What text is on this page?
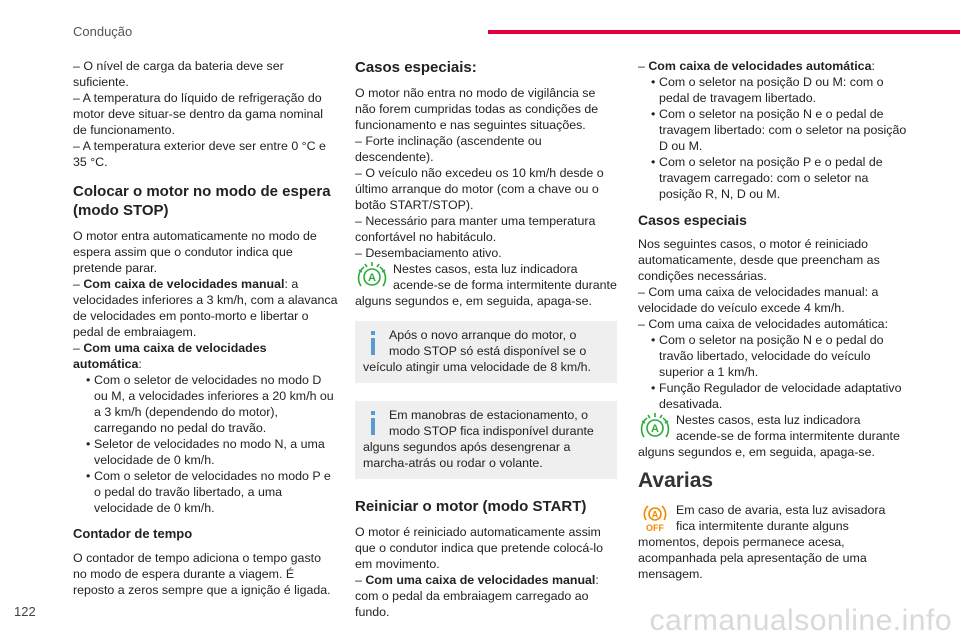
Condução

– O nível de carga da bateria deve ser suficiente.

– A temperatura do líquido de refrigeração do motor deve situar-se dentro da gama nominal de funcionamento.

– A temperatura exterior deve ser entre 0 °C e 35 °C.

Colocar o motor no modo de espera (modo STOP)

O motor entra automaticamente no modo de espera assim que o condutor indica que pretende parar.

– Com caixa de velocidades manual: a velocidades inferiores a 3 km/h, com a alavanca de velocidades em ponto-morto e libertar o pedal de embraiagem.

– Com uma caixa de velocidades automática:

• Com o seletor de velocidades no modo D ou M, a velocidades inferiores a 20 km/h ou a 3 km/h (dependendo do motor), carregando no pedal do travão.

• Seletor de velocidades no modo N, a uma velocidade de 0 km/h.

• Com o seletor de velocidades no modo P e o pedal do travão libertado, a uma velocidade de 0 km/h.

Contador de tempo

O contador de tempo adiciona o tempo gasto no modo de espera durante a viagem. É reposto a zeros sempre que a ignição é ligada.

Casos especiais:

O motor não entra no modo de vigilância se não forem cumpridas todas as condições de funcionamento e nas seguintes situações.

– Forte inclinação (ascendente ou descendente).

– O veículo não excedeu os 10 km/h desde o último arranque do motor (com a chave ou o botão START/STOP).

– Necessário para manter uma temperatura confortável no habitáculo.

– Desembaciamento ativo.

A
Nestes casos, esta luz indicadora acende-se de forma intermitente durante alguns segundos e, em seguida, apaga-se.
Após o novo arranque do motor, o modo STOP só está disponível se o veículo atingir uma velocidade de 8 km/h.
Em manobras de estacionamento, o modo STOP fica indisponível durante alguns segundos após desengrenar a marcha-atrás ou rodar o volante.
Reiniciar o motor (modo START)

O motor é reiniciado automaticamente assim que o condutor indica que pretende colocá-lo em movimento.

– Com uma caixa de velocidades manual: com o pedal da embraiagem carregado ao fundo.

– Com caixa de velocidades automática:

• Com o seletor na posição D ou M: com o pedal de travagem libertado.

• Com o seletor na posição N e o pedal de travagem libertado: com o seletor na posição D ou M.

• Com o seletor na posição P e o pedal de travagem carregado: com o seletor na posição R, N, D ou M.

Casos especiais

Nos seguintes casos, o motor é reiniciado automaticamente, desde que preencham as condições necessárias.

– Com uma caixa de velocidades manual: a velocidade do veículo excede 4 km/h.

– Com uma caixa de velocidades automática:

• Com o seletor na posição N e o pedal do travão libertado, velocidade do veículo superior a 1 km/h.

• Função Regulador de velocidade adaptativo desativada.

A
Nestes casos, esta luz indicadora acende-se de forma intermitente durante alguns segundos e, em seguida, apaga-se.
Avarias
A
OFF
Em caso de avaria, esta luz avisadora fica intermitente durante alguns momentos, depois permanece acesa, acompanhada pela apresentação de uma mensagem.
122	carmanualsonline.info
